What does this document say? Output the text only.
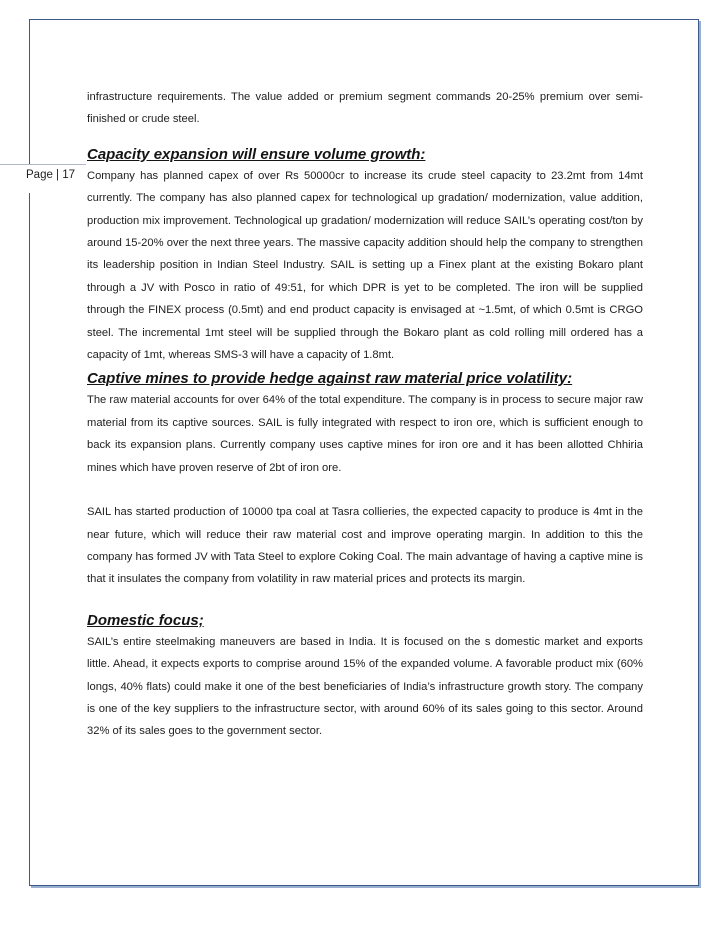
Page | 17

infrastructure requirements. The value added or premium segment commands 20-25% premium over semi-finished or crude steel.

Capacity expansion will ensure volume growth:

Company has planned capex of over Rs 50000cr to increase its crude steel capacity to 23.2mt from 14mt currently. The company has also planned capex for technological up gradation/ modernization, value addition, production mix improvement. Technological up gradation/ modernization will reduce SAIL’s operating cost/ton by around 15-20% over the next three years. The massive capacity addition should help the company to strengthen its leadership position in Indian Steel Industry. SAIL is setting up a Finex plant at the existing Bokaro plant through a JV with Posco in ratio of 49:51, for which DPR is yet to be completed. The iron will be supplied through the FINEX process (0.5mt) and end product capacity is envisaged at ~1.5mt, of which 0.5mt is CRGO steel. The incremental 1mt steel will be supplied through the Bokaro plant as cold rolling mill ordered has a capacity of 1mt, whereas SMS-3 will have a capacity of 1.8mt.

Captive mines to provide hedge against raw material price volatility:

The raw material accounts for over 64% of the total expenditure. The company is in process to secure major raw material from its captive sources. SAIL is fully integrated with respect to iron ore, which is sufficient enough to back its expansion plans. Currently company uses captive mines for iron ore and it has been allotted Chhiria mines which have proven reserve of 2bt of iron ore.

SAIL has started production of 10000 tpa coal at Tasra collieries, the expected capacity to produce is 4mt in the near future, which will reduce their raw material cost and improve operating margin. In addition to this the company has formed JV with Tata Steel to explore Coking Coal. The main advantage of having a captive mine is that it insulates the company from volatility in raw material prices and protects its margin.

Domestic focus;

SAIL’s entire steelmaking maneuvers are based in India. It is focused on the s domestic market and exports little. Ahead, it expects exports to comprise around 15% of the expanded volume. A favorable product mix (60% longs, 40% flats) could make it one of the best beneficiaries of India’s infrastructure growth story. The company is one of the key suppliers to the infrastructure sector, with around 60% of its sales going to this sector. Around 32% of its sales goes to the government sector.
